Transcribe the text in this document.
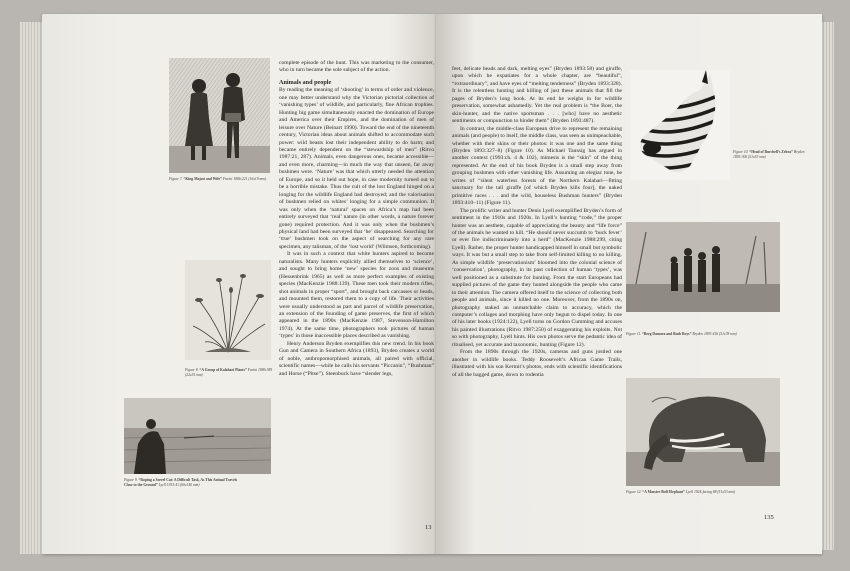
Figure 7. “King Majosi and Wife” Farini 1886:221 (16x19 mm)
Figure 8. “A Group of Kalahari Plants” Farini 1886:385 (22x35 mm)
Figure 9. “Roping a Sorrel Cat: A Difficult Task, As This Animal Travels Close to the Ground” Lyell 1913:41 (60x140 mm)

complete episode of the hunt. This was marketing to the consumer, who in turn became the sole subject of the action.

Animals and people

By reading the meaning of ‘shooting’ in terms of order and violence, one may better understand why the Victorian pictorial collection of ‘vanishing types’ of wildlife, and particularly, fine African trophies. Hunting big game simultaneously enacted the domination of Europe and America over their Empires, and the domination of men of leisure over Nature (Beinart 1990). Toward the end of the nineteenth century, Victorian ideas about animals shifted to accommodate such power: wild beasts lost their independent ability to do harm; and became entirely dependent on the “stewardship of men” (Ritvo 1987:21, 287). Animals, even dangerous ones, became accessible—and even more, charming—in much the way that unseen, far away bushmen were. ‘Nature’ was that which utterly needed the attention of Europe, and so it held out hope, in case modernity turned out to be a horrible mistake. Thus the cult of the lost England hinged on a longing for the wildlife England had destroyed; and the valorisation of bushmen relied on whites’ longing for a simple communion. It was only when the ‘natural’ spaces on Africa’s map had been entirely surveyed that ‘real’ nature (in other words, a nature forever gone) required protection. And it was only when the bushmen’s physical land had been surveyed that ‘he’ disappeared. Searching for ‘true’ bushmen took on the aspect of searching for any rare specimen, any talisman, of the ‘lost world’ (Wilmsen, forthcoming).

It was in such a context that white hunters aspired to become naturalists. Many hunters explicitly allied themselves to ‘science’, and sought to bring home ‘new’ species for zoos and museums (Hessenbrink 1965) as well as more perfect examples of existing species (MacKenzie 1988:139). These men took their modern rifles, shot animals in proper “sport”, and brought back carcasses or heads, and mounted them, restored them to a copy of life. Their activities were usually understood as part and parcel of wildlife preservation, an extension of the founding of game preserves, the first of which appeared in the 1890s (MacKenzie 1987, Stevenson-Hamilton 1974). At the same time, photographers took pictures of human ‘types’ in those inaccessible places described as vanishing.

Henry Anderson Bryden exemplifies this new trend. In his book Gun and Camera in Southern Africa (1893), Bryden creates a world of noble, anthropomorphised animals, all paired with official, scientific names—while he calls his servants “Piccanin”, “Bushman” and Horse (“Pitse”). Steenbuck have “slender legs,

13

feet, delicate heads and dark, melting eyes” (Bryden 1893:58) and giraffe, upon which he expatiates for a whole chapter, are “beautiful”, “extraordinary”, and have eyes of “melting tenderness” (Bryden 1893:328). It is the relentless hunting and killing of just these animals that fill the pages of Bryden’s long book. At its end he weighs in for wildlife preservation, somewhat ashamedly. Yet the real problem is “the Boer, the skin-hunter, and the native sportsman . . . [who] have no aesthetic sentiments or compunction to hinder them” (Bryden 1893:487).

In contrast, the middle-class European drive to represent the remaining animals (and people) to itself, the middle class, was seen as unimpeachable, whether with their skins or their photos: it was one and the same thing (Bryden 1893:327–8) (Figure 10). As Michael Taussig has argued in another context (1993:ch. 4 & 102), mimesis is the “skin” of the thing represented. At the end of his book Bryden is a small step away from grouping bushmen with other vanishing life. Assuming an elegiac tone, he writes of “silent waterless forests of the Northern Kalahari—fitting sanctuary for the tall giraffe [of which Bryden kills four], the naked primitive races . . . and the wild, houseless Bushman hunters” (Bryden 1893:410–11) (Figure 11).

The prolific writer and hunter Denis Lyell exemplified Bryden’s form of sentiment in the 1910s and 1920s. In Lyell’s hunting “code,” the proper hunter was an aesthete, capable of appreciating the beauty and “life force” of the animals he wanted to kill. “He should never succumb to ‘buck fever’ or ever fire indiscriminately into a herd” (MacKenzie 1988:299, citing Lyell). Rather, the proper hunter handicapped himself in small but symbolic ways. It was but a small step to take from self-limited killing to no killing. As simple wildlife ‘preservationism’ bloomed into the colonial science of ‘conservation’, photography, in its past collection of human ‘types’, was well positioned as a substitute for hunting. From the start Europeans had supplied pictures of the game they hunted alongside the people who came to their attention. The camera offered itself to the science of collecting both people and animals, since it killed no one. Moreover, from the 1890s on, photography staked an unmatchable claim to accuracy, which the computer’s collages and morphing have only begun to dispel today. In one of his later books (1924:122), Lyell turns on Gordon Cumming and accuses his painted illustrations (Ritvo 1987:250) of exaggerating his exploits. Not so with photography, Lyell hints. His own photos serve the pedantic idea of ritualised, yet accurate and taxonomic, hunting (Figure 12).

From the 1890s through the 1920s, cameras and guns jostled one another in wildlife books. Teddy Roosevelt’s African Game Trails, illustrated with his son Kermit’s photos, ends with scientific identifications of all the bagged game, down to rodentia

Figure 10. “Head of Burchell’s Zebra” Bryden 1893:306 (51x53 mm)
Figure 11. “Berg Damara and Bush Boys” Bryden 1893:416 (51x78 mm)
Figure 12. “A Massive Bull Elephant” Lyell 1924:facing 88 (51x53 mm)
135
